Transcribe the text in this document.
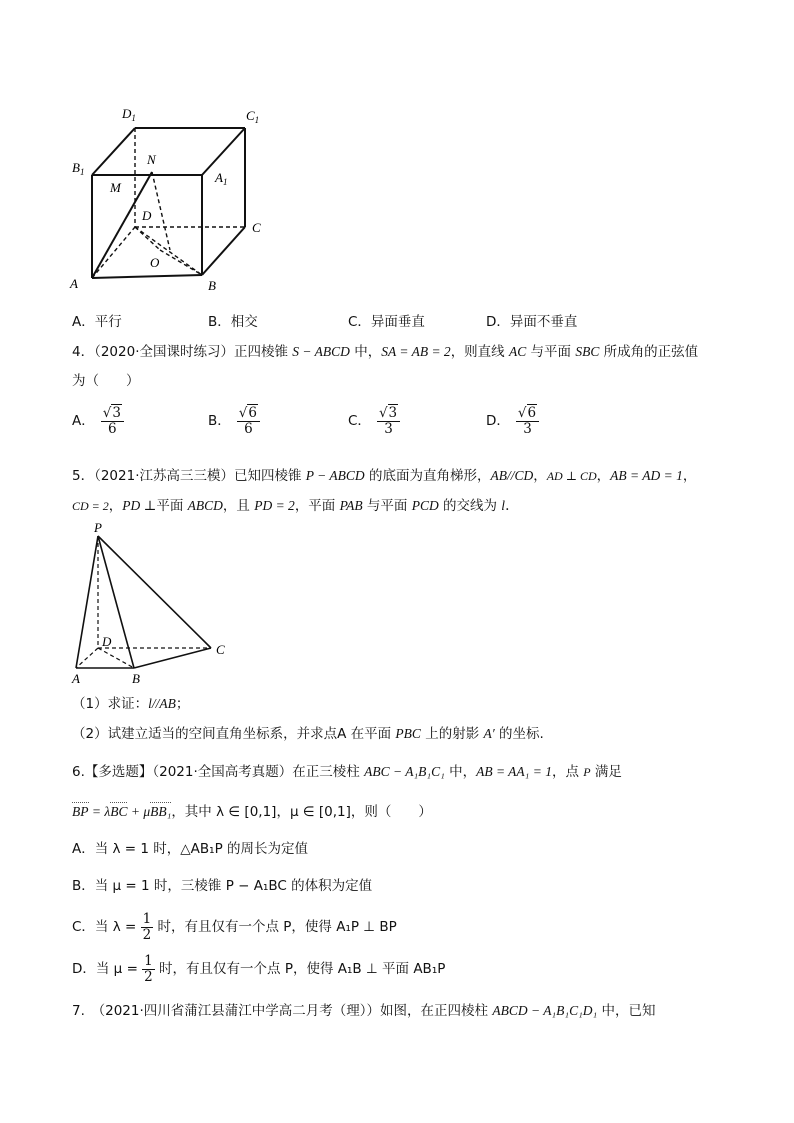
$D_1$	$C_1$
$B_1$	$A_1$
N
M
D
C
O
A	B
A．平行	B．相交	C．异面垂直	D．异面不垂直
4．（2020·全国课时练习）正四棱锥 S − ABCD 中，SA = AB = 2，则直线 AC 与平面 SBC 所成角的正弦值
为（　　）
A． $\frac{√3}{6}$	B． $\frac{√6}{6}$	C． $\frac{√3}{3}$	D． $\frac{√6}{3}$
5．（2021·江苏高三三模）已知四棱锥 P − ABCD 的底面为直角梯形，AB//CD，AD ⊥ CD，AB = AD = 1，
CD = 2，PD ⊥平面 ABCD，且 PD = 2，平面 PAB 与平面 PCD 的交线为 l.
P
D
C
A	B
（1）求证：l//AB；
（2）试建立适当的空间直角坐标系，并求点A 在平面 PBC 上的射影 A′ 的坐标.
6.【多选题】（2021·全国高考真题）在正三棱柱 ABC − A₁B₁C₁ 中，AB = AA₁ = 1，点 P 满足
BP = λBC + μBB₁，其中 λ ∈ [0,1]，μ ∈ [0,1]，则（　　）
A．当 λ = 1 时，△AB₁P 的周长为定值
B．当 μ = 1 时，三棱锥 P − A₁BC 的体积为定值
C．当 $\lambda = \frac{1}{2}$ 时，有且仅有一个点 P，使得 A₁P ⊥ BP
D．当 $\mu = \frac{1}{2}$ 时，有且仅有一个点 P，使得 A₁B ⊥ 平面 AB₁P
7.　（2021·四川省蒲江县蒲江中学高二月考（理））如图，在正四棱柱 ABCD − A₁B₁C₁D₁ 中，已知
